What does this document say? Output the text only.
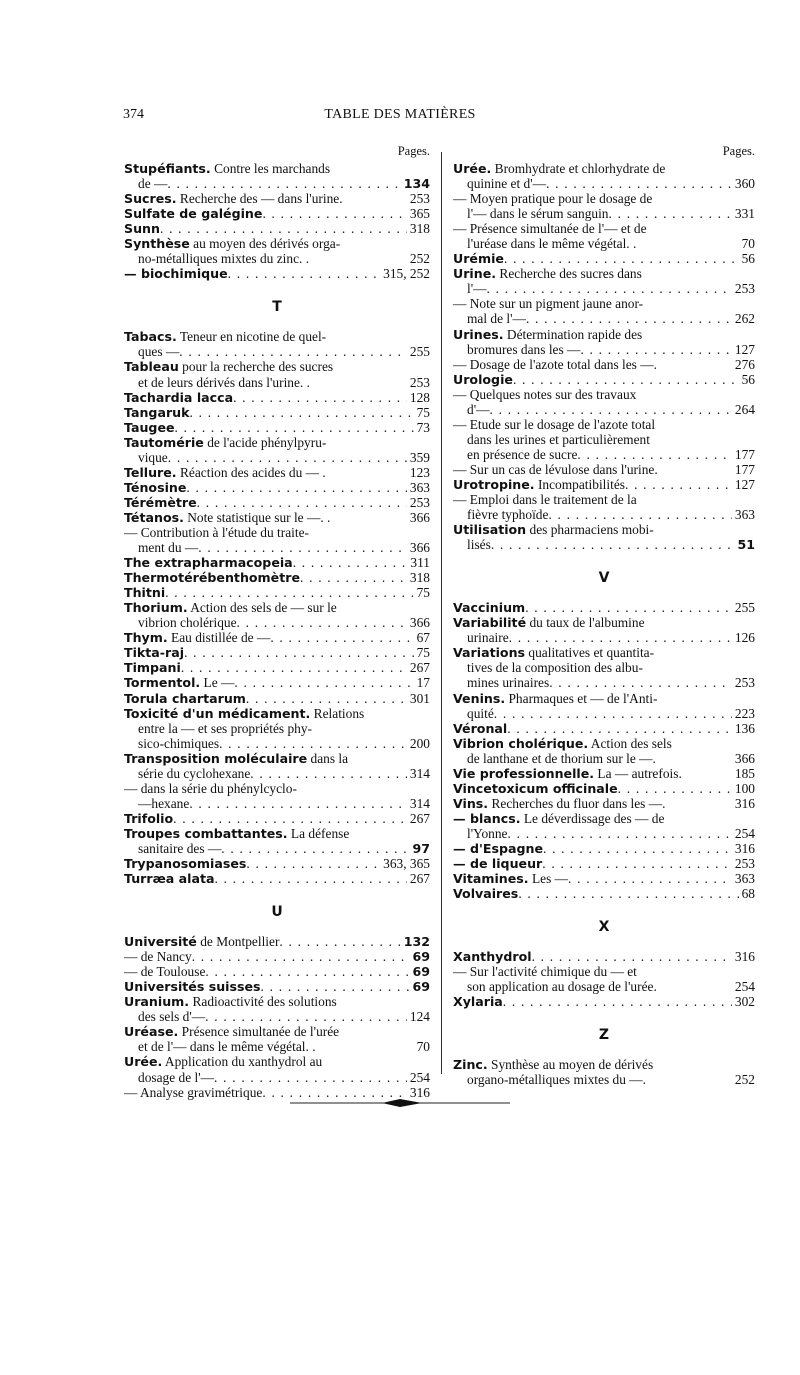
374	TABLE DES MATIÈRES
Pages.
Stupéfiants. Contre les marchands
de — . . .	134
Sucres. Recherche des — dans l'urine.	253
Sulfate de galégine . . .	365
Sunn . . .	318
Synthèse au moyen des dérivés orga-
no-métalliques mixtes du zinc. .	252
— biochimique . . .	315, 252
T
Tabacs. Teneur en nicotine de quel-
ques — . . .	255
Tableau pour la recherche des sucres
et de leurs dérivés dans l'urine. .	253
Tachardia lacca . . .	128
Tangaruk . . .	75
Taugee . . .	73
Tautomérie de l'acide phénylpyru-
vique . . .	359
Tellure. Réaction des acides du — .	123
Ténosine . . .	363
Térémètre . . .	253
Tétanos. Note statistique sur le —. .	366
— Contribution à l'étude du traite-
ment du — . . .	366
The extrapharmacopeia . . .	311
Thermotérébenthomètre . . .	318
Thitni . . .	75
Thorium. Action des sels de — sur le
vibrion cholérique . . .	366
Thym. Eau distillée de — . . .	67
Tikta-raj . . .	75
Timpani . . .	267
Tormentol. Le — . . .	17
Torula chartarum . . .	301
Toxicité d'un médicament. Relations
entre la — et ses propriétés phy-
sico-chimiques . . .	200
Transposition moléculaire dans la
série du cyclohexane . . .	314
— dans la série du phénylcyclo-
—hexane . . .	314
Trifolio . . .	267
Troupes combattantes. La défense
sanitaire des — . . .	97
Trypanosomiases . . .	363, 365
Turræa alata . . .	267
U
Université de Montpellier . . .	132
— de Nancy . . .	69
— de Toulouse . . .	69
Universités suisses . . .	69
Uranium. Radioactivité des solutions
des sels d'— . . .	124
Uréase. Présence simultanée de l'urée
et de l'— dans le même végétal. .	70
Urée. Application du xanthydrol au
dosage de l'— . . .	254
— Analyse gravimétrique . . .	316
Pages.
Urée. Bromhydrate et chlorhydrate de
quinine et d'— . . .	360
— Moyen pratique pour le dosage de
l'— dans le sérum sanguin . . .	331
— Présence simultanée de l'— et de
l'uréase dans le même végétal. .	70
Urémie . . .	56
Urine. Recherche des sucres dans
l'— . . .	253
— Note sur un pigment jaune anor-
mal de l'— . . .	262
Urines. Détermination rapide des
bromures dans les — . . .	127
— Dosage de l'azote total dans les —.	276
Urologie . . .	56
— Quelques notes sur des travaux
d'— . . .	264
— Etude sur le dosage de l'azote total
dans les urines et particulièrement
en présence de sucre . . .	177
— Sur un cas de lévulose dans l'urine.	177
Urotropine. Incompatibilités . . .	127
— Emploi dans le traitement de la
fièvre typhoïde . . .	363
Utilisation des pharmaciens mobi-
lisés . . .	51
V
Vaccinium . . .	255
Variabilité du taux de l'albumine
urinaire . . .	126
Variations qualitatives et quantita-
tives de la composition des albu-
mines urinaires . . .	253
Venins. Pharmaques et — de l'Anti-
quité . . .	223
Véronal . . .	136
Vibrion cholérique. Action des sels
de lanthane et de thorium sur le —.	366
Vie professionnelle. La — autrefois.	185
Vincetoxicum officinale . . .	100
Vins. Recherches du fluor dans les —.	316
— blancs. Le déverdissage des — de
l'Yonne . . .	254
— d'Espagne . . .	316
— de liqueur . . .	253
Vitamines. Les — . . .	363
Volvaires . . .	68
X
Xanthydrol . . .	316
— Sur l'activité chimique du — et
son application au dosage de l'urée.	254
Xylaria . . .	302
Z
Zinc. Synthèse au moyen de dérivés
organo-métalliques mixtes du —.	252
